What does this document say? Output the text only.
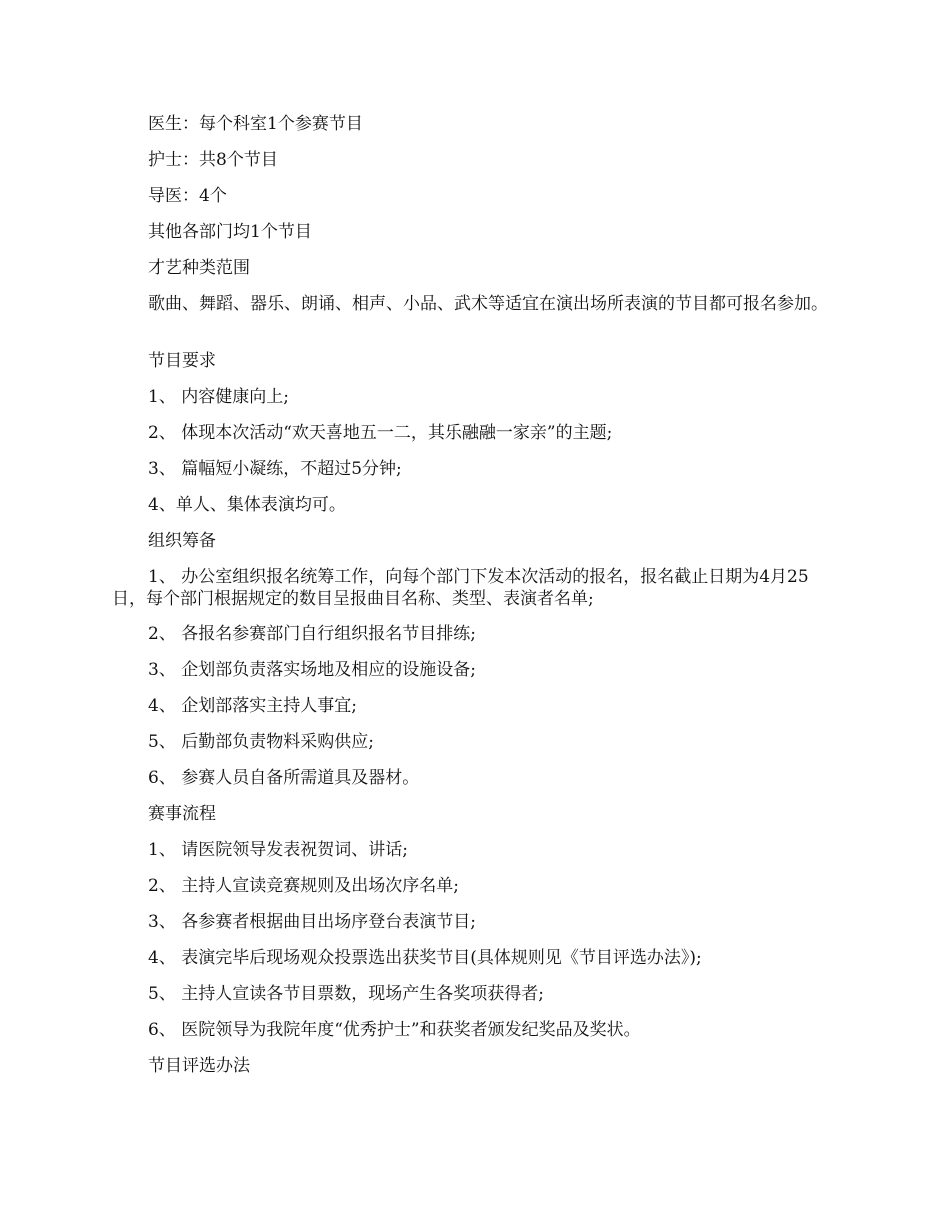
医生：每个科室1个参赛节目

护士：共8个节目

导医：4个

其他各部门均1个节目

才艺种类范围

歌曲、舞蹈、器乐、朗诵、相声、小品、武术等适宜在演出场所表演的节目都可报名参加。

节目要求

1、 内容健康向上;

2、 体现本次活动“欢天喜地五一二，其乐融融一家亲”的主题;

3、 篇幅短小凝练，不超过5分钟;

4、单人、集体表演均可。

组织筹备

1、 办公室组织报名统筹工作，向每个部门下发本次活动的报名，报名截止日期为4月25日，每个部门根据规定的数目呈报曲目名称、类型、表演者名单;

2、 各报名参赛部门自行组织报名节目排练;

3、 企划部负责落实场地及相应的设施设备;

4、 企划部落实主持人事宜;

5、 后勤部负责物料采购供应;

6、 参赛人员自备所需道具及器材。

赛事流程

1、 请医院领导发表祝贺词、讲话;

2、 主持人宣读竞赛规则及出场次序名单;

3、 各参赛者根据曲目出场序登台表演节目;

4、 表演完毕后现场观众投票选出获奖节目(具体规则见《节目评选办法》);

5、 主持人宣读各节目票数，现场产生各奖项获得者;

6、 医院领导为我院年度“优秀护士”和获奖者颁发纪奖品及奖状。

节目评选办法
